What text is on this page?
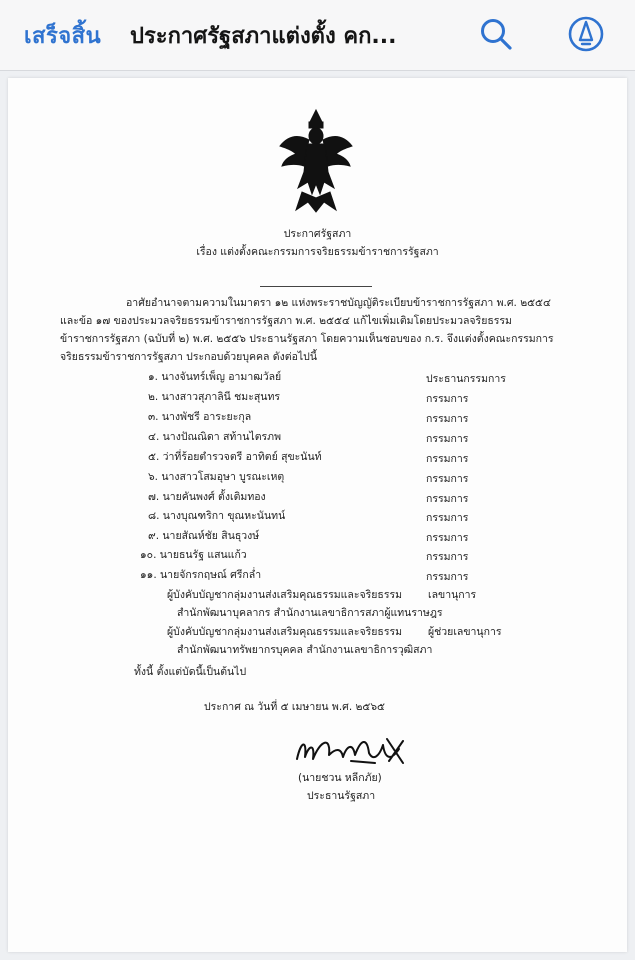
เสร็จสิ้น ประกาศรัฐสภาแต่งตั้ง คก...
ประกาศรัฐสภา
เรื่อง แต่งตั้งคณะกรรมการจริยธรรมข้าราชการรัฐสภา
อาศัยอำนาจตามความในมาตรา ๑๒ แห่งพระราชบัญญัติระเบียบข้าราชการรัฐสภา พ.ศ. ๒๕๕๔
และข้อ ๑๗ ของประมวลจริยธรรมข้าราชการรัฐสภา พ.ศ. ๒๕๕๔ แก้ไขเพิ่มเติมโดยประมวลจริยธรรม
ข้าราชการรัฐสภา (ฉบับที่ ๒) พ.ศ. ๒๕๕๖ ประธานรัฐสภา โดยความเห็นชอบของ ก.ร. จึงแต่งตั้งคณะกรรมการ
จริยธรรมข้าราชการรัฐสภา ประกอบด้วยบุคคล ดังต่อไปนี้
๑. นางจันทร์เพ็ญ อามาฒวัลย์	ประธานกรรมการ
๒. นางสาวสุภาลินี ชมะสุนทร	กรรมการ
๓. นางพัชรี อาระยะกุล	กรรมการ
๔. นางปัณณิดา สท้านไตรภพ	กรรมการ
๕. ว่าที่ร้อยตำรวจตรี อาทิตย์ สุขะนันท์	กรรมการ
๖. นางสาวโสมอุษา บูรณะเหตุ	กรรมการ
๗. นายคันพงศ์ ตั้งเติมทอง	กรรมการ
๘. นางบุณฑริกา ขุณหะนันทน์	กรรมการ
๙. นายสัณห์ชัย สินธุวงษ์	กรรมการ
๑๐. นายธนรัฐ แสนแก้ว	กรรมการ
๑๑. นายจักรกฤษณ์ ศรีกล่ำ	กรรมการ
ผู้บังคับบัญชากลุ่มงานส่งเสริมคุณธรรมและจริยธรรม เลขานุการ
สำนักพัฒนาบุคลากร สำนักงานเลขาธิการสภาผู้แทนราษฎร
ผู้บังคับบัญชากลุ่มงานส่งเสริมคุณธรรมและจริยธรรม ผู้ช่วยเลขานุการ
สำนักพัฒนาทรัพยากรบุคคล สำนักงานเลขาธิการวุฒิสภา
ทั้งนี้ ตั้งแต่บัดนี้เป็นต้นไป
ประกาศ ณ วันที่ ๕ เมษายน พ.ศ. ๒๕๖๕
(นายชวน หลีกภัย)
ประธานรัฐสภา
